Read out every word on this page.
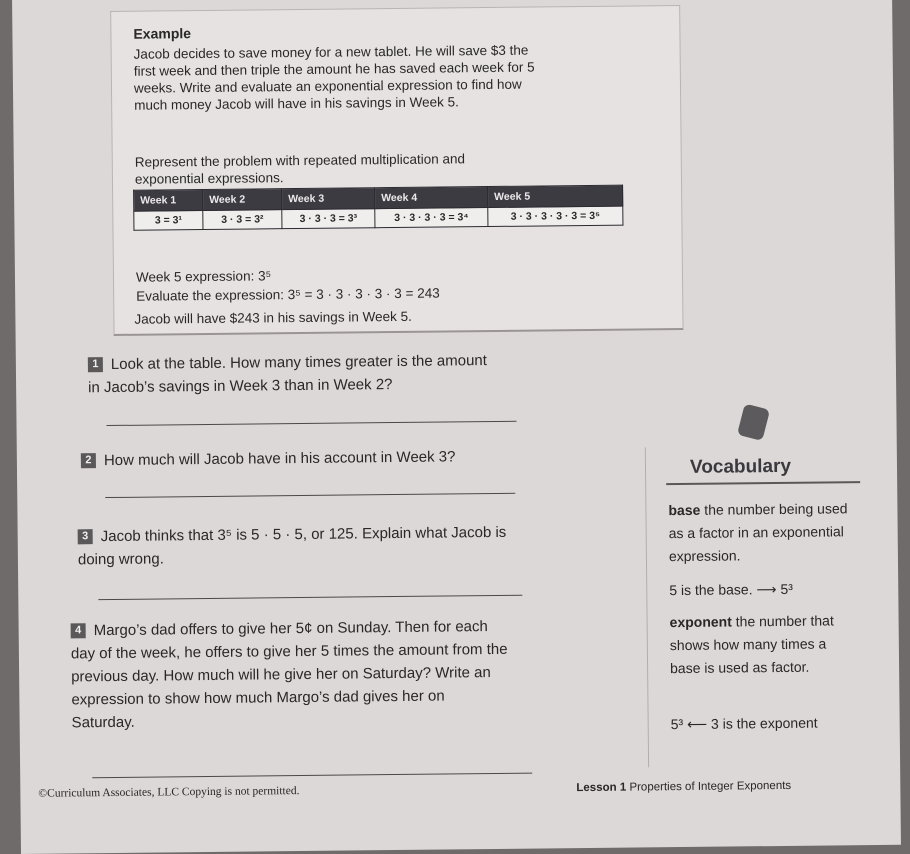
Example
Jacob decides to save money for a new tablet. He will save $3 the first week and then triple the amount he has saved each week for 5 weeks. Write and evaluate an exponential expression to find how much money Jacob will have in his savings in Week 5.
Represent the problem with repeated multiplication and exponential expressions.
Week 1	Week 2	Week 3	Week 4	Week 5
3 = 3¹	3 · 3 = 3²	3 · 3 · 3 = 3³	3 · 3 · 3 · 3 = 3⁴	3 · 3 · 3 · 3 · 3 = 3⁵
Week 5 expression: 3⁵
Evaluate the expression: 3⁵ = 3 · 3 · 3 · 3 · 3 = 243
Jacob will have $243 in his savings in Week 5.
1 Look at the table. How many times greater is the amount in Jacob’s savings in Week 3 than in Week 2?
2 How much will Jacob have in his account in Week 3?
3 Jacob thinks that 3⁵ is 5 · 5 · 5, or 125. Explain what Jacob is doing wrong.
4 Margo’s dad offers to give her 5¢ on Sunday. Then for each day of the week, he offers to give her 5 times the amount from the previous day. How much will he give her on Saturday? Write an expression to show how much Margo’s dad gives her on Saturday.
Vocabulary
base the number being used as a factor in an exponential expression.
5 is the base. ⟶ 5³
exponent the number that shows how many times a base is used as factor.
5³ ⟵ 3 is the exponent
©Curriculum Associates, LLC Copying is not permitted.	Lesson 1 Properties of Integer Exponents
